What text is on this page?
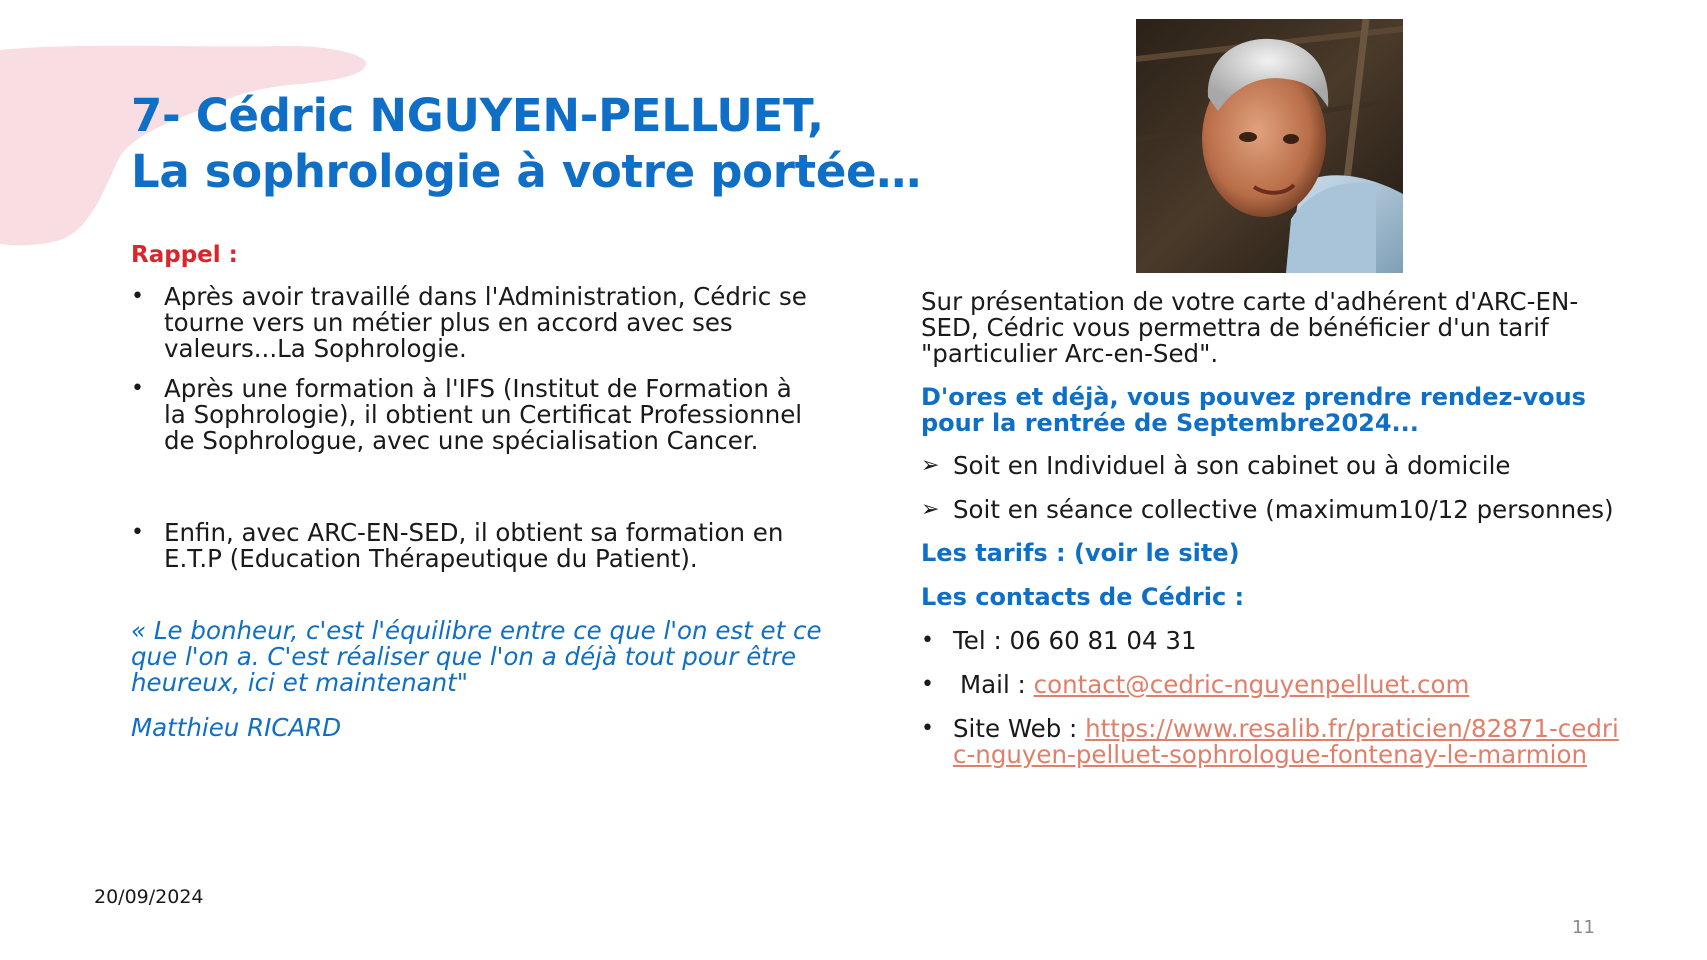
7- Cédric NGUYEN-PELLUET,
La sophrologie à votre portée…
Rappel :
• Après avoir travaillé dans l'Administration, Cédric se tourne vers un métier plus en accord avec ses valeurs...La Sophrologie.
• Après une formation à l'IFS (Institut de Formation à la Sophrologie), il obtient un Certificat Professionnel de Sophrologue, avec une spécialisation Cancer.
• Enfin, avec ARC-EN-SED, il obtient sa formation en E.T.P (Education Thérapeutique du Patient).
« Le bonheur, c'est l'équilibre entre ce que l'on est et ce que l'on a. C'est réaliser que l'on a déjà tout pour être heureux, ici et maintenant"
Matthieu RICARD
Sur présentation de votre carte d'adhérent d'ARC-EN-SED, Cédric vous permettra de bénéficier d'un tarif "particulier Arc-en-Sed".
D'ores et déjà, vous pouvez prendre rendez-vous pour la rentrée de Septembre2024...
➢ Soit en Individuel à son cabinet ou à domicile
➢ Soit en séance collective (maximum10/12 personnes)
Les tarifs : (voir le site)
Les contacts de Cédric :
• Tel : 06 60 81 04 31
• Mail : contact@cedric-nguyenpelluet.com
• Site Web : https://www.resalib.fr/praticien/82871-cedric-nguyen-pelluet-sophrologue-fontenay-le-marmion
20/09/2024
11
